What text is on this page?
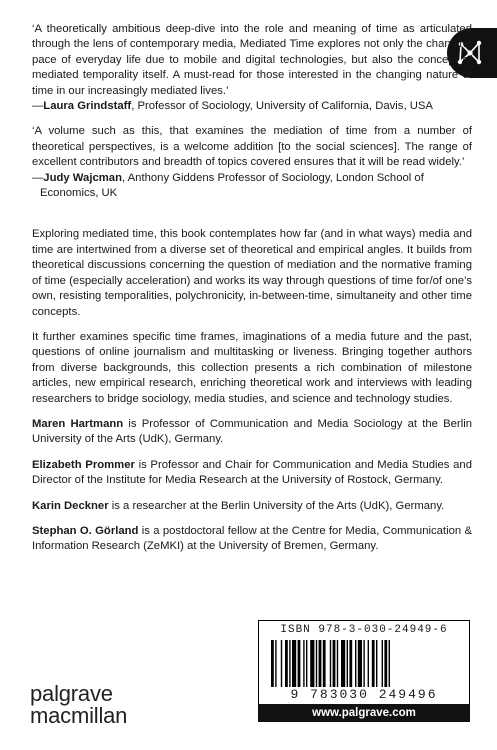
‘A theoretically ambitious deep-dive into the role and meaning of time as articulated through the lens of contemporary media, Mediated Time explores not only the changing pace of everyday life due to mobile and digital technologies, but also the concept of mediated temporality itself. A must-read for those interested in the changing nature of time in our increasingly mediated lives.’
—Laura Grindstaff, Professor of Sociology, University of California, Davis, USA
‘A volume such as this, that examines the mediation of time from a number of theoretical perspectives, is a welcome addition [to the social sciences]. The range of excellent contributors and breadth of topics covered ensures that it will be read widely.’
—Judy Wajcman, Anthony Giddens Professor of Sociology, London School of Economics, UK

Exploring mediated time, this book contemplates how far (and in what ways) media and time are intertwined from a diverse set of theoretical and empirical angles. It builds from theoretical discussions concerning the question of mediation and the normative framing of time (especially acceleration) and works its way through questions of time for/of one’s own, resisting temporalities, polychronicity, in-between-time, simultaneity and other time concepts.

It further examines specific time frames, imaginations of a media future and the past, questions of online journalism and multitasking or liveness. Bringing together authors from diverse backgrounds, this collection presents a rich combination of milestone articles, new empirical research, enriching theoretical work and interviews with leading researchers to bridge sociology, media studies, and science and technology studies.

Maren Hartmann is Professor of Communication and Media Sociology at the Berlin University of the Arts (UdK), Germany.

Elizabeth Prommer is Professor and Chair for Communication and Media Studies and Director of the Institute for Media Research at the University of Rostock, Germany.

Karin Deckner is a researcher at the Berlin University of the Arts (UdK), Germany.

Stephan O. Görland is a postdoctoral fellow at the Centre for Media, Communication & Information Research (ZeMKI) at the University of Bremen, Germany.

palgrave
macmillan
ISBN 978-3-030-24949-6
9 783030 249496
www.palgrave.com
